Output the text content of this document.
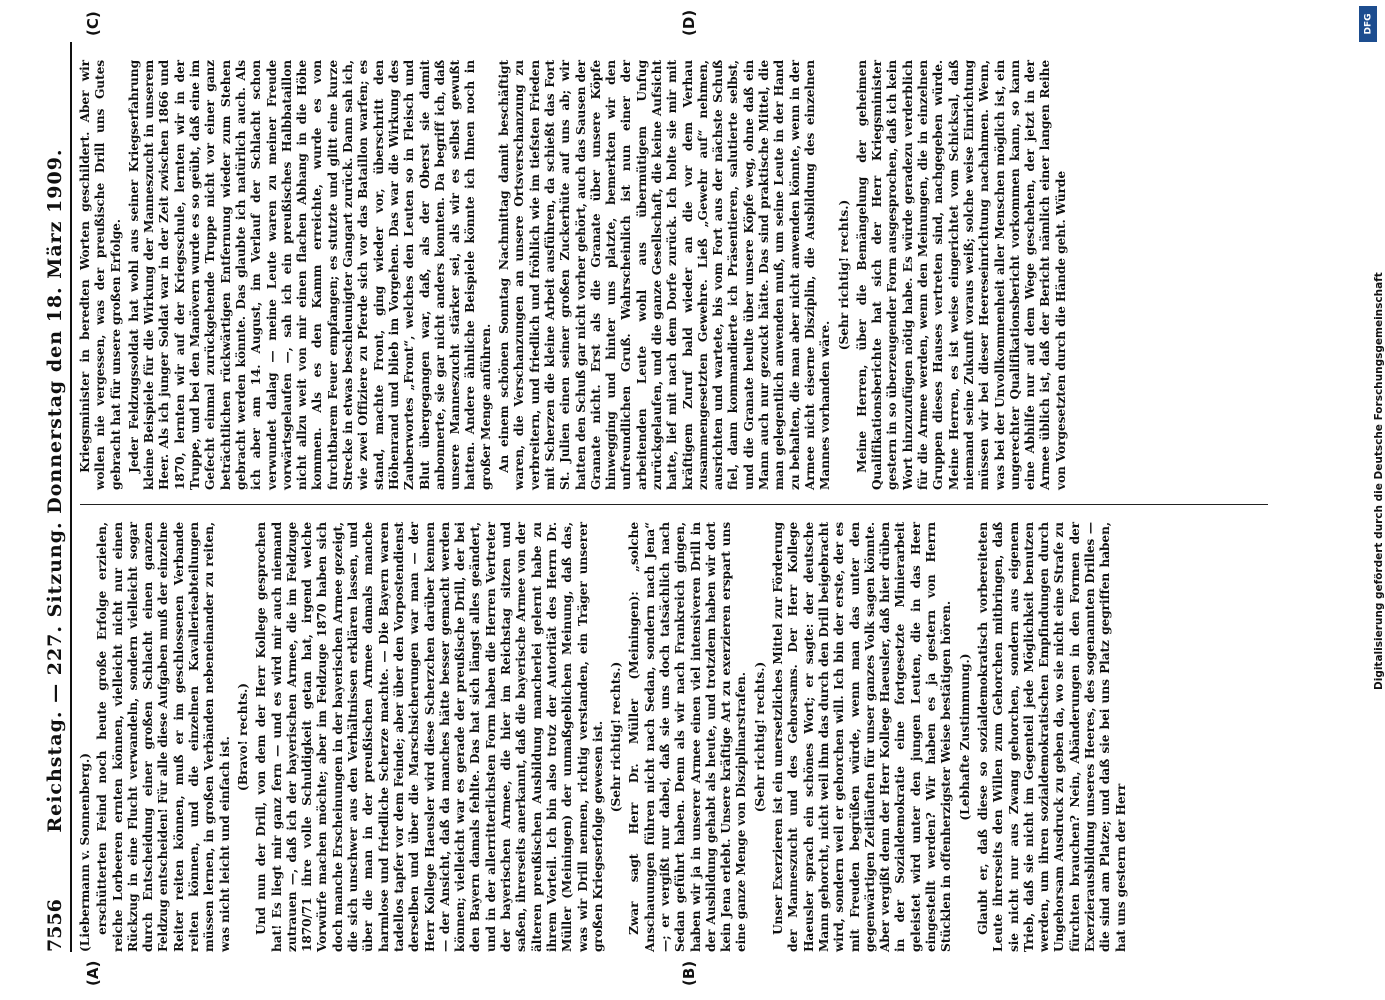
7556
Reichstag. — 227. Sitzung. Donnerstag den 18. März 1909.
(Liebermann v. Sonnenberg.) erschütterten Feind noch heute große Erfolge erzielen, reiche Lorbeeren ernten können, vielleicht nicht nur einen Rückzug in eine Flucht verwandeln, sondern vielleicht sogar durch Entscheidung einer großen Schlacht einen ganzen Feldzug entscheiden! Für alle diese Aufgaben muß der einzelne Reiter reiten können, muß er im geschlossenen Verbande reiten können, und die einzelnen Kavallerieabteilungen müssen lernen, in großen Verbänden nebeneinander zu reiten, was nicht leicht und einfach ist. (Bravo! rechts.) Und nun der Drill, von dem der Herr Kollege gesprochen hat! Es liegt mir ganz fern — und es wird mir auch niemand zutrauen —, daß ich der bayerischen Armee, die im Feldzuge 1870/71 ihre volle Schuldigkeit getan hat, irgend welche Vorwürfe machen möchte; aber im Feldzuge 1870 haben sich doch manche Erscheinungen in der bayerischen Armee gezeigt, die sich unschwer aus den Verhältnissen erklären lassen, und über die man in der preußischen Armee damals manche harmlose und friedliche Scherze machte. — Die Bayern waren tadellos tapfer vor dem Feinde; aber über den Vorpostendienst derselben und über die Marschsicherungen war man — der Herr Kollege Haeusler wird diese Scherzchen darüber kennen — der Ansicht, daß da manches hätte besser gemacht werden können; vielleicht war es gerade der preußische Drill, der bei den Bayern damals fehlte. Das hat sich längst alles geändert, und in der allerritterlichsten Form haben die Herren Vertreter der bayerischen Armee, die hier im Reichstag sitzen und saßen, ihrerseits anerkannt, daß die bayerische Armee von der älteren preußischen Ausbildung mancherlei gelernt habe zu ihrem Vorteil. Ich bin also trotz der Autorität des Herrn Dr. Müller (Meiningen) der unmaßgeblichen Meinung, daß das, was wir Drill nennen, richtig verstanden, ein Träger unserer großen Kriegserfolge gewesen ist. (Sehr richtig! rechts.) Zwar sagt Herr Dr. Müller (Meiningen): „solche Anschauungen führen nicht nach Sedan, sondern nach Jena“ —; er vergißt nur dabei, daß sie uns doch tatsächlich nach Sedan geführt haben. Denn als wir nach Frankreich gingen, haben wir ja in unserer Armee einen viel intensiveren Drill in der Ausbildung gehabt als heute, und trotzdem haben wir dort kein Jena erlebt. Unsere kräftige Art zu exerzieren erspart uns eine ganze Menge von Disziplinarstrafen. (Sehr richtig! rechts.) Unser Exerzieren ist ein unersetzliches Mittel zur Förderung der Manneszucht und des Gehorsams. Der Herr Kollege Haeusler sprach ein schönes Wort; er sagte: der deutsche Mann gehorcht, nicht weil ihm das durch den Drill beigebracht wird, sondern weil er gehorchen will. Ich bin der erste, der es mit Freuden begrüßen würde, wenn man das unter den gegenwärtigen Zeitläuften für unser ganzes Volk sagen könnte. Aber vergißt denn der Herr Kollege Haeusler, daß hier drüben in der Sozialdemokratie eine fortgesetzte Minierarbeit geleistet wird unter den jungen Leuten, die in das Heer eingestellt werden? Wir haben es ja gestern von Herrn Stücklen in offenherzigster Weise bestätigen hören. (Lebhafte Zustimmung.) Glaubt er, daß diese so sozialdemokratisch vorbereiteten Leute ihrerseits den Willen zum Gehorchen mitbringen, daß sie nicht nur aus Zwang gehorchen, sondern aus eigenem Trieb, daß sie nicht im Gegenteil jede Möglichkeit benutzen werden, um ihren sozialdemokratischen Empfindungen durch Ungehorsam Ausdruck zu geben da, wo sie nicht eine Strafe zu fürchten brauchen? Nein, Abänderungen in den Formen der Exerzierausbildung unseres Heeres, des sogenannten Drilles — die sind am Platze; und daß sie bei uns Platz gegriffen haben, hat uns gestern der Herr
Kriegsminister in beredten Worten geschildert. Aber wir wollen nie vergessen, was der preußische Drill uns Gutes gebracht hat für unsere großen Erfolge. Jeder Feldzugssoldat hat wohl aus seiner Kriegserfahrung kleine Beispiele für die Wirkung der Manneszucht in unserem Heer. Als ich junger Soldat war in der Zeit zwischen 1866 und 1870, lernten wir auf der Kriegsschule, lernten wir in der Truppe, und bei den Manövern wurde es so geübt, daß eine im Gefecht einmal zurückgehende Truppe nicht vor einer ganz beträchtlichen rückwärtigen Entfernung wieder zum Stehen gebracht werden könnte. Das glaubte ich natürlich auch. Als ich aber am 14. August, im Verlauf der Schlacht schon verwundet dalag — meine Leute waren zu meiner Freude vorwärtsgelaufen —, sah ich ein preußisches Halbbataillon nicht allzu weit von mir einen flachen Abhang in die Höhe kommen. Als es den Kamm erreichte, wurde es von furchtbarem Feuer empfangen; es stutzte und glitt eine kurze Strecke in etwas beschleunigter Gangart zurück. Dann sah ich, wie zwei Offiziere zu Pferde sich vor das Bataillon warfen; es stand, machte Front, ging wieder vor, überschritt den Höhenrand und blieb im Vorgehen. Das war die Wirkung des Zauberwortes „Front“, welches den Leuten so in Fleisch und Blut übergegangen war, daß, als der Oberst sie damit anbonnerte, sie gar nicht anders konnten. Da begriff ich, daß unsere Manneszucht stärker sei, als wir es selbst gewußt hatten. Andere ähnliche Beispiele könnte ich Ihnen noch in großer Menge anführen. An einem schönen Sonntag Nachmittag damit beschäftigt waren, die Verschanzungen an unsere Ortsverschanzung zu verbreitern, und friedlich und fröhlich wie im tiefsten Frieden mit Scherzen die kleine Arbeit ausführen, da schießt das Fort St. Julien einen seiner großen Zuckerhüte auf uns ab; wir hatten den Schuß gar nicht vorher gehört, auch das Sausen der Granate nicht. Erst als die Granate über unsere Köpfe hinwegging und hinter uns platzte, bemerkten wir den unfreundlichen Gruß. Wahrscheinlich ist nun einer der arbeitenden Leute wohl aus übermütigem Unfug zurückgelaufen, und die ganze Gesellschaft, die keine Aufsicht hatte, lief mit nach dem Dorfe zurück. Ich holte sie mir mit kräftigem Zuruf bald wieder an die vor dem Verhau zusammengesetzten Gewehre. Ließ „Gewehr auf“ nehmen, ausrichten und wartete, bis vom Fort aus der nächste Schuß fiel, dann kommandierte ich Präsentieren, salutierte selbst, und die Granate heulte über unsere Köpfe weg, ohne daß ein Mann auch nur gezuckt hätte. Das sind praktische Mittel, die man gelegentlich anwenden muß, um seine Leute in der Hand zu behalten, die man aber nicht anwenden könnte, wenn in der Armee nicht eiserne Disziplin, die Ausbildung des einzelnen Mannes vorhanden wäre.
(Sehr richtig! rechts.) Meine Herren, über die Bemängelung der geheimen Qualifikationsberichte hat sich der Herr Kriegsminister gestern in so überzeugender Form ausgesprochen, daß ich kein Wort hinzuzufügen nötig habe. Es würde geradezu verderblich für die Armee werden, wenn den Meinungen, die in einzelnen Gruppen dieses Hauses vertreten sind, nachgegeben würde. Meine Herren, es ist weise eingerichtet vom Schicksal, daß niemand seine Zukunft voraus weiß; solche weise Einrichtung müssen wir bei dieser Heereseinrichtung nachahmen. Wenn, was bei der Unvollkommenheit aller Menschen möglich ist, ein ungerechter Qualifikationsbericht vorkommen kann, so kann eine Abhilfe nur auf dem Wege geschehen, der jetzt in der Armee üblich ist, daß der Bericht nämlich einer langen Reihe von Vorgesetzten durch die Hände geht. Würde
(A)	(B)
(C)	(D)
Digitalisierung gefördert durch die Deutsche Forschungsgemeinschaft
DFG
